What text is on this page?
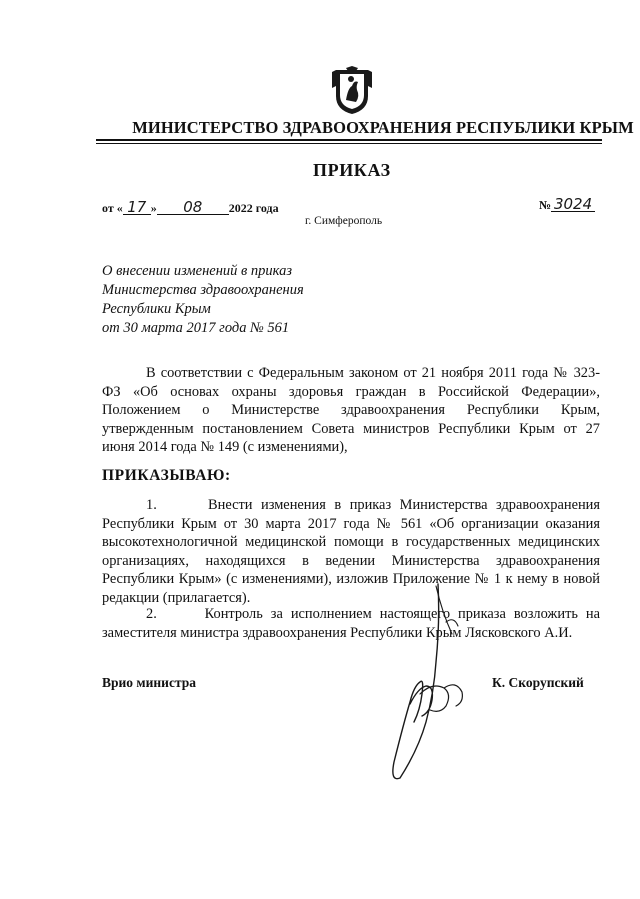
МИНИСТЕРСТВО ЗДРАВООХРАНЕНИЯ РЕСПУБЛИКИ КРЫМ
ПРИКАЗ
от « 17 » 08 2022 года	№ 3024
г. Симферополь
О внесении изменений в приказ
Министерства здравоохранения
Республики Крым
от 30 марта 2017 года № 561
В соответствии с Федеральным законом от 21 ноября 2011 года № 323-ФЗ «Об основах охраны здоровья граждан в Российской Федерации», Положением о Министерстве здравоохранения Республики Крым, утвержденным постановлением Совета министров Республики Крым от 27 июня 2014 года № 149 (с изменениями),
ПРИКАЗЫВАЮ:
1.      Внести изменения в приказ Министерства здравоохранения Республики Крым от 30 марта 2017 года № 561 «Об организации оказания высокотехнологичной медицинской помощи в государственных медицинских организациях, находящихся в ведении Министерства здравоохранения Республики Крым» (с изменениями), изложив Приложение № 1 к нему в новой редакции (прилагается).
2.      Контроль за исполнением настоящего приказа возложить на заместителя министра здравоохранения Республики Крым Лясковского А.И.
Врио министра	К. Скорупский
